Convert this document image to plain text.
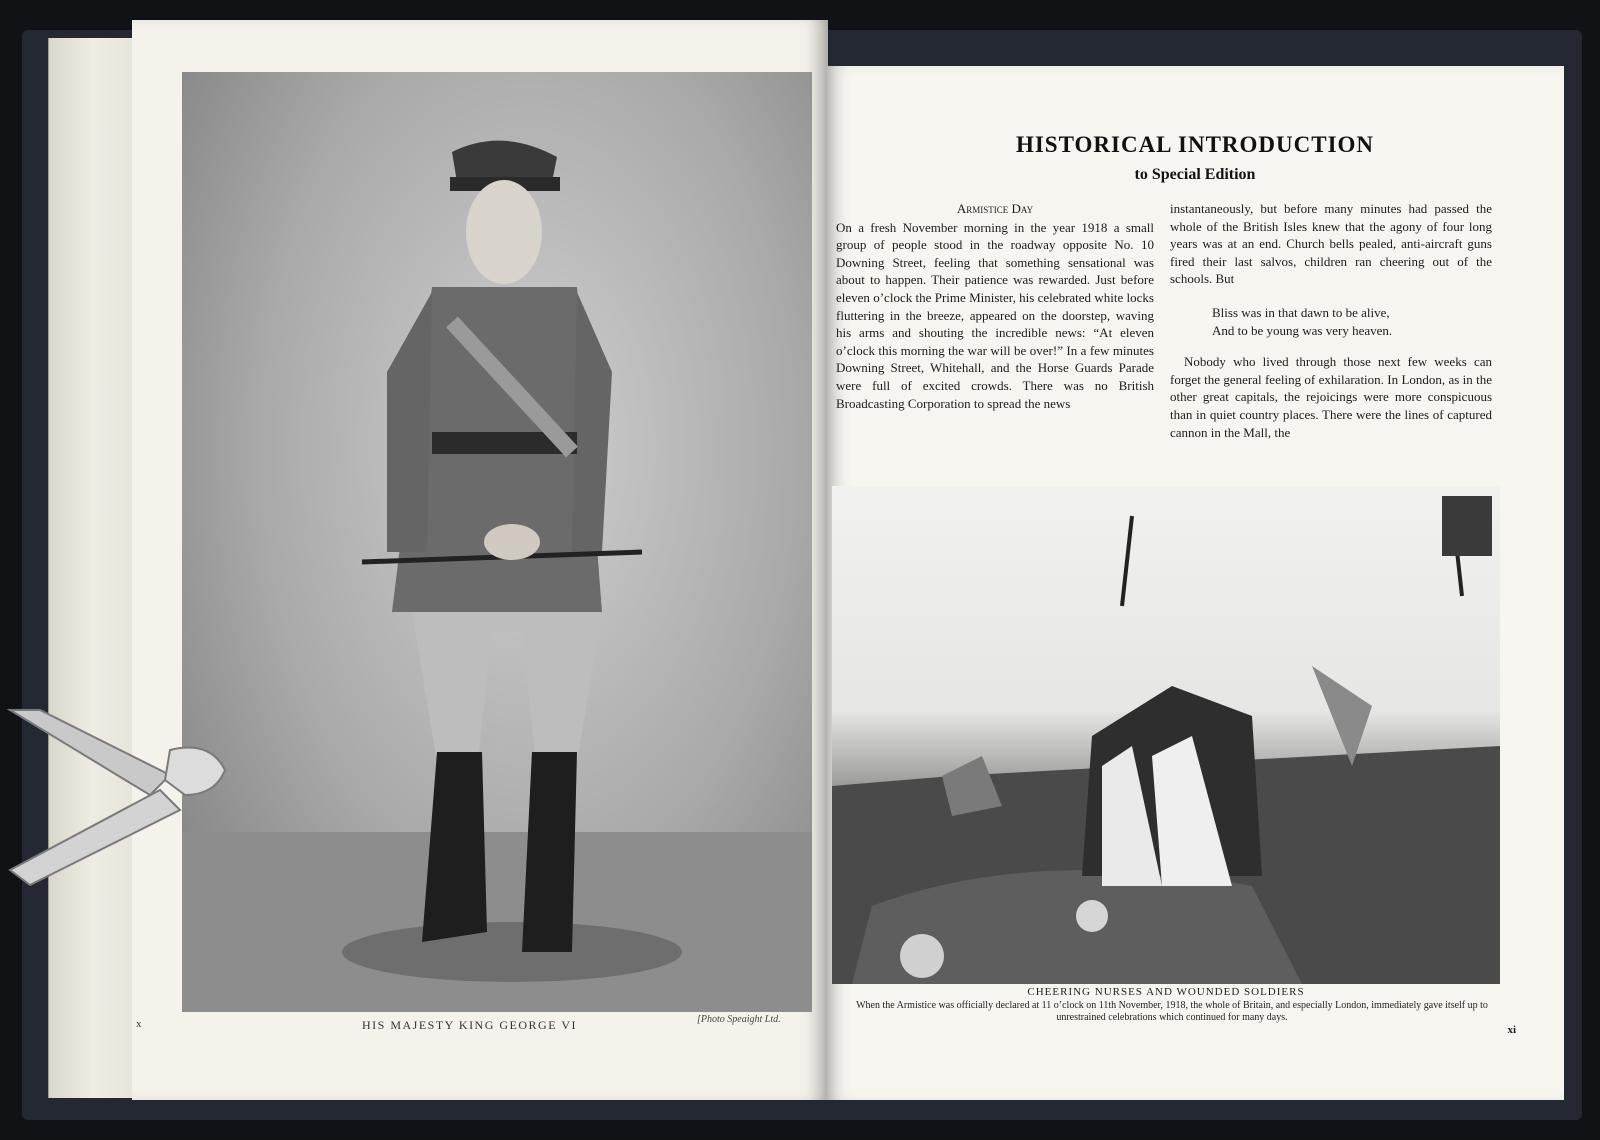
x	HIS MAJESTY KING GEORGE VI	[Photo Speaight Ltd.
HISTORICAL INTRODUCTION
to Special Edition

Armistice Day

On a fresh November morning in the year 1918 a small group of people stood in the roadway opposite No. 10 Downing Street, feeling that something sensational was about to happen. Their patience was rewarded. Just before eleven o’clock the Prime Minister, his celebrated white locks fluttering in the breeze, appeared on the doorstep, waving his arms and shouting the incredible news: “At eleven o’clock this morning the war will be over!” In a few minutes Downing Street, Whitehall, and the Horse Guards Parade were full of excited crowds. There was no British Broadcasting Corporation to spread the news

instantaneously, but before many minutes had passed the whole of the British Isles knew that the agony of four long years was at an end. Church bells pealed, anti-aircraft guns fired their last salvos, children ran cheering out of the schools. But

Bliss was in that dawn to be alive,
And to be young was very heaven.

Nobody who lived through those next few weeks can forget the general feeling of exhilaration. In London, as in the other great capitals, the rejoicings were more conspicuous than in quiet country places. There were the lines of captured cannon in the Mall, the

CHEERING NURSES AND WOUNDED SOLDIERS
When the Armistice was officially declared at 11 o’clock on 11th November, 1918, the whole of Britain, and especially London, immediately gave itself up to unrestrained celebrations which continued for many days.
xi
